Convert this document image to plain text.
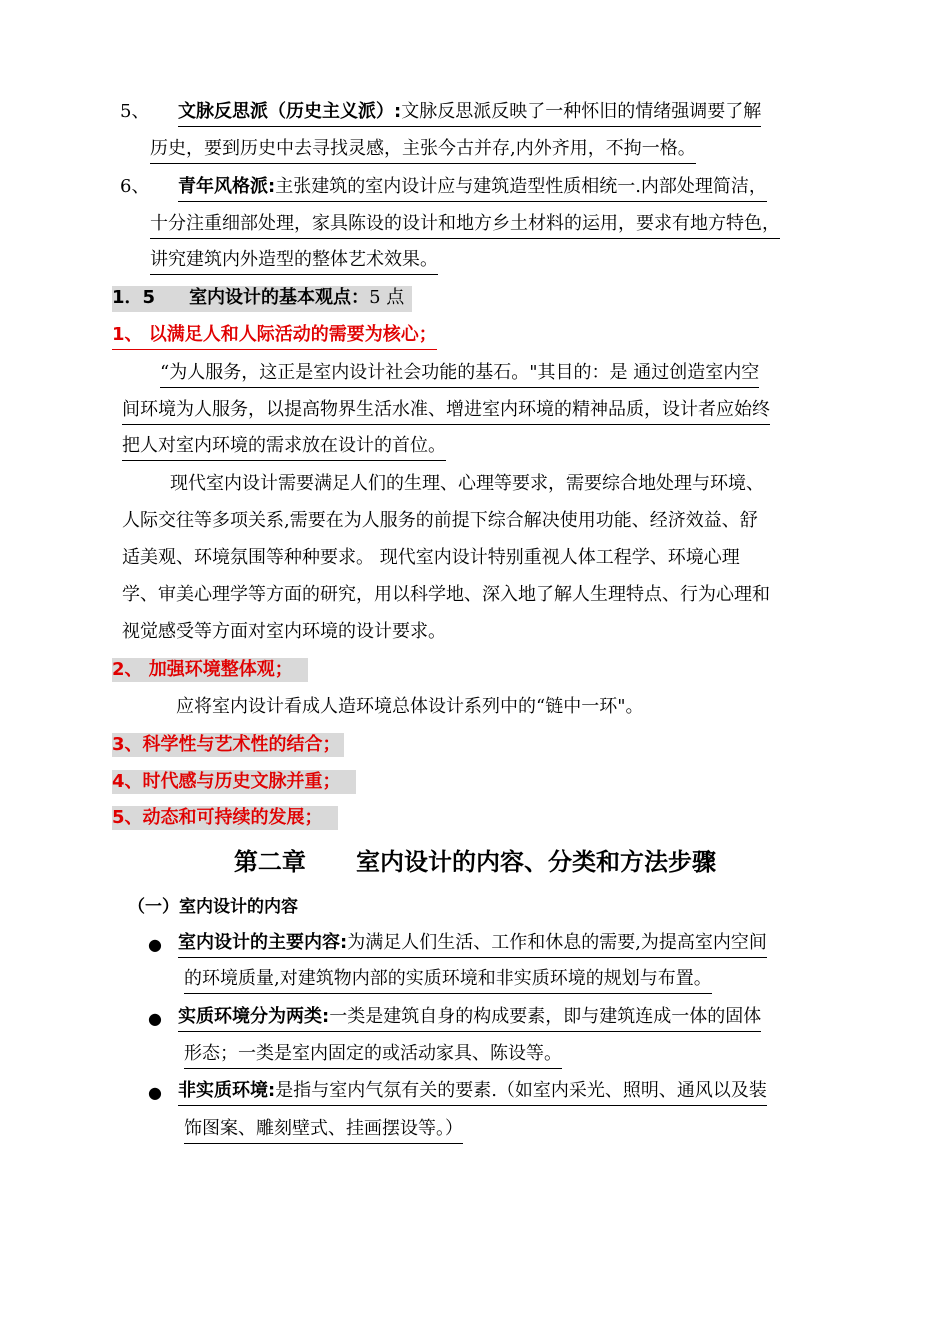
5、 文脉反思派（历史主义派）:文脉反思派反映了一种怀旧的情绪强调要了解
历史，要到历史中去寻找灵感，主张今古并存,内外齐用，不拘一格。
6、 青年风格派:主张建筑的室内设计应与建筑造型性质相统一.内部处理简洁，
十分注重细部处理，家具陈设的设计和地方乡土材料的运用，要求有地方特色，
讲究建筑内外造型的整体艺术效果。
1．5 室内设计的基本观点：5 点
1、 以满足人和人际活动的需要为核心；
“为人服务，这正是室内设计社会功能的基石。"其目的：是 通过创造室内空
间环境为人服务，以提高物界生活水准、增进室内环境的精神品质，设计者应始终
把人对室内环境的需求放在设计的首位。
现代室内设计需要满足人们的生理、心理等要求，需要综合地处理与环境、
人际交往等多项关系,需要在为人服务的前提下综合解决使用功能、经济效益、舒
适美观、环境氛围等种种要求。 现代室内设计特别重视人体工程学、环境心理
学、审美心理学等方面的研究，用以科学地、深入地了解人生理特点、行为心理和
视觉感受等方面对室内环境的设计要求。
2、 加强环境整体观；
应将室内设计看成人造环境总体设计系列中的“链中一环"。
3、科学性与艺术性的结合；
4、时代感与历史文脉并重；
5、动态和可持续的发展；
第二章      室内设计的内容、分类和方法步骤
（一）室内设计的内容
● 室内设计的主要内容:为满足人们生活、工作和休息的需要,为提高室内空间
的环境质量,对建筑物内部的实质环境和非实质环境的规划与布置。
● 实质环境分为两类:一类是建筑自身的构成要素，即与建筑连成一体的固体
形态；一类是室内固定的或活动家具、陈设等。
● 非实质环境:是指与室内气氛有关的要素.（如室内采光、照明、通风以及装
饰图案、雕刻壁式、挂画摆设等。）
